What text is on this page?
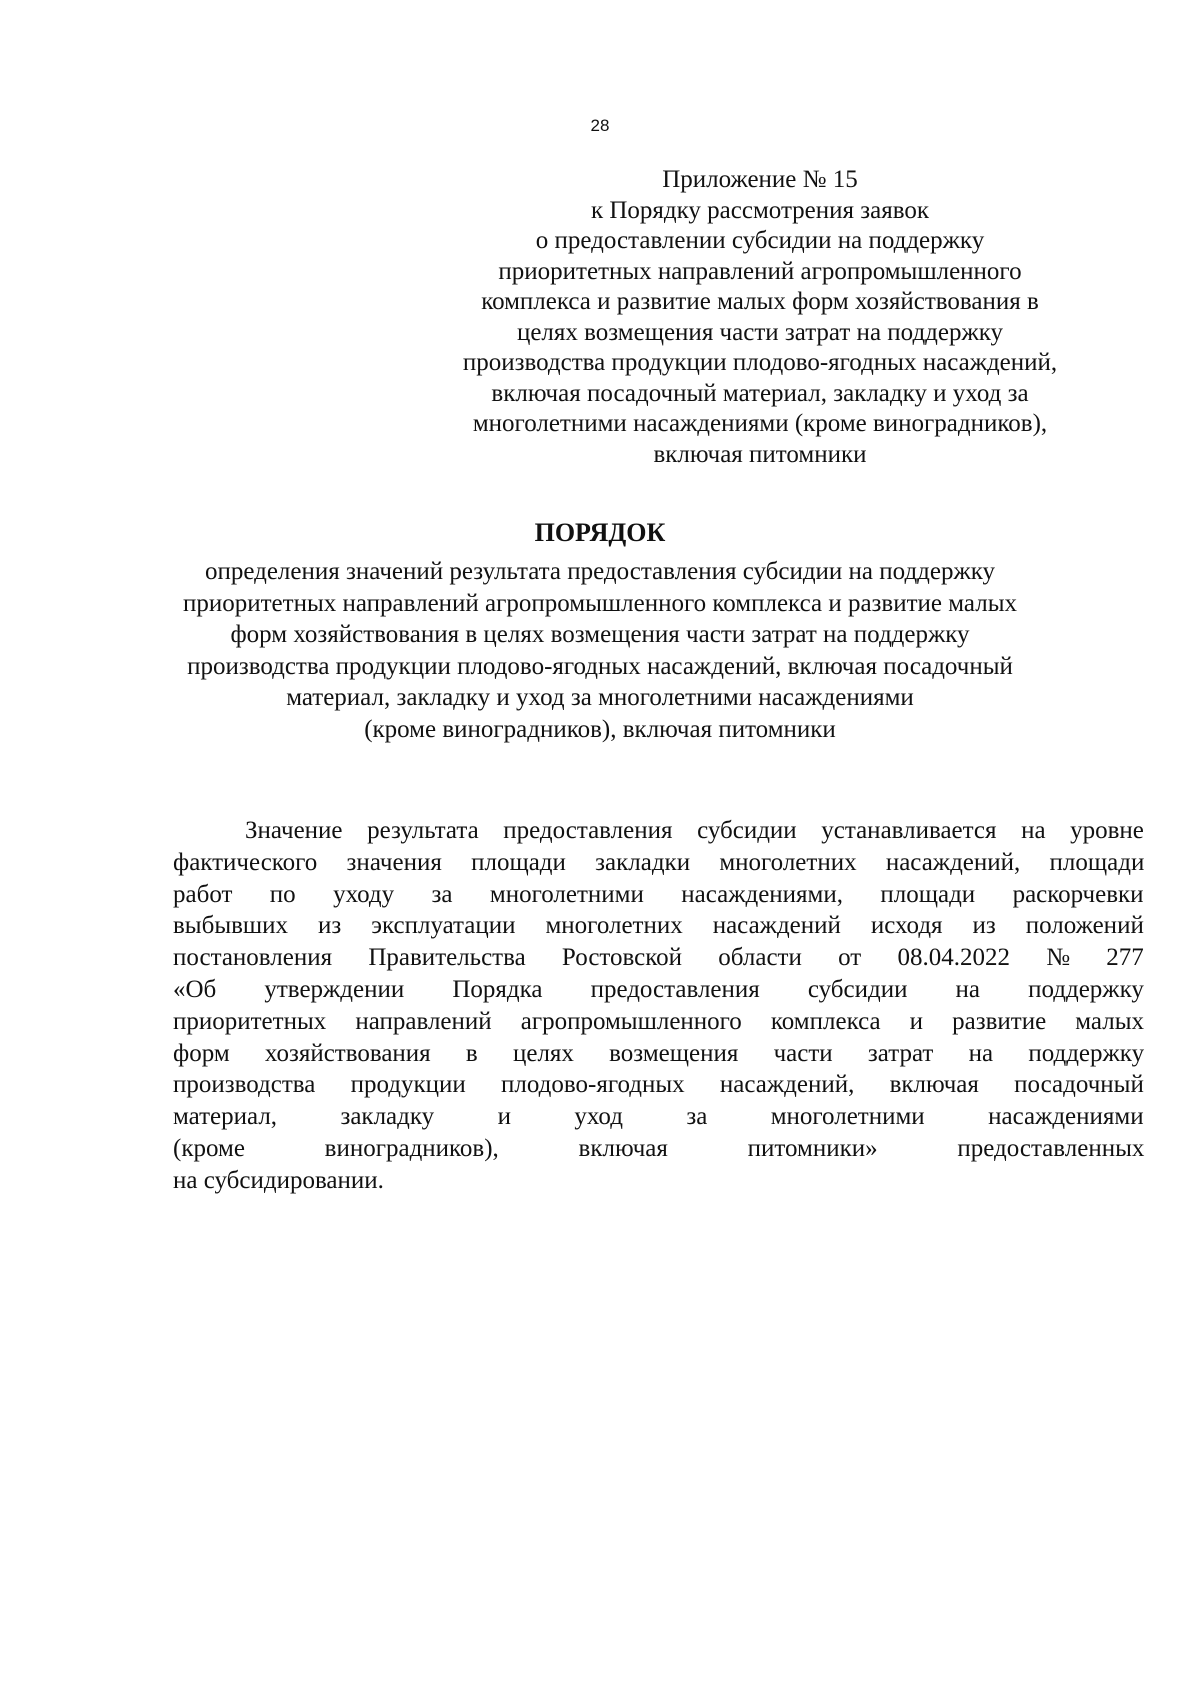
28
Приложение № 15
к Порядку рассмотрения заявок
о предоставлении субсидии на поддержку
приоритетных направлений агропромышленного
комплекса и развитие малых форм хозяйствования в
целях возмещения части затрат на поддержку
производства продукции плодово-ягодных насаждений,
включая посадочный материал, закладку и уход за
многолетними насаждениями (кроме виноградников),
включая питомники
ПОРЯДОК
определения значений результата предоставления субсидии на поддержку
приоритетных направлений агропромышленного комплекса и развитие малых
форм хозяйствования в целях возмещения части затрат на поддержку
производства продукции плодово-ягодных насаждений, включая посадочный
материал, закладку и уход за многолетними насаждениями
(кроме виноградников), включая питомники
Значение результата предоставления субсидии устанавливается на уровне
фактического значения площади закладки многолетних насаждений, площади
работ по уходу за многолетними насаждениями, площади раскорчевки
выбывших из эксплуатации многолетних насаждений исходя из положений
постановления Правительства Ростовской области от 08.04.2022 № 277
«Об утверждении Порядка предоставления субсидии на поддержку
приоритетных направлений агропромышленного комплекса и развитие малых
форм хозяйствования в целях возмещения части затрат на поддержку
производства продукции плодово-ягодных насаждений, включая посадочный
материал, закладку и уход за многолетними насаждениями
(кроме виноградников), включая питомники» предоставленных
на субсидировании.
